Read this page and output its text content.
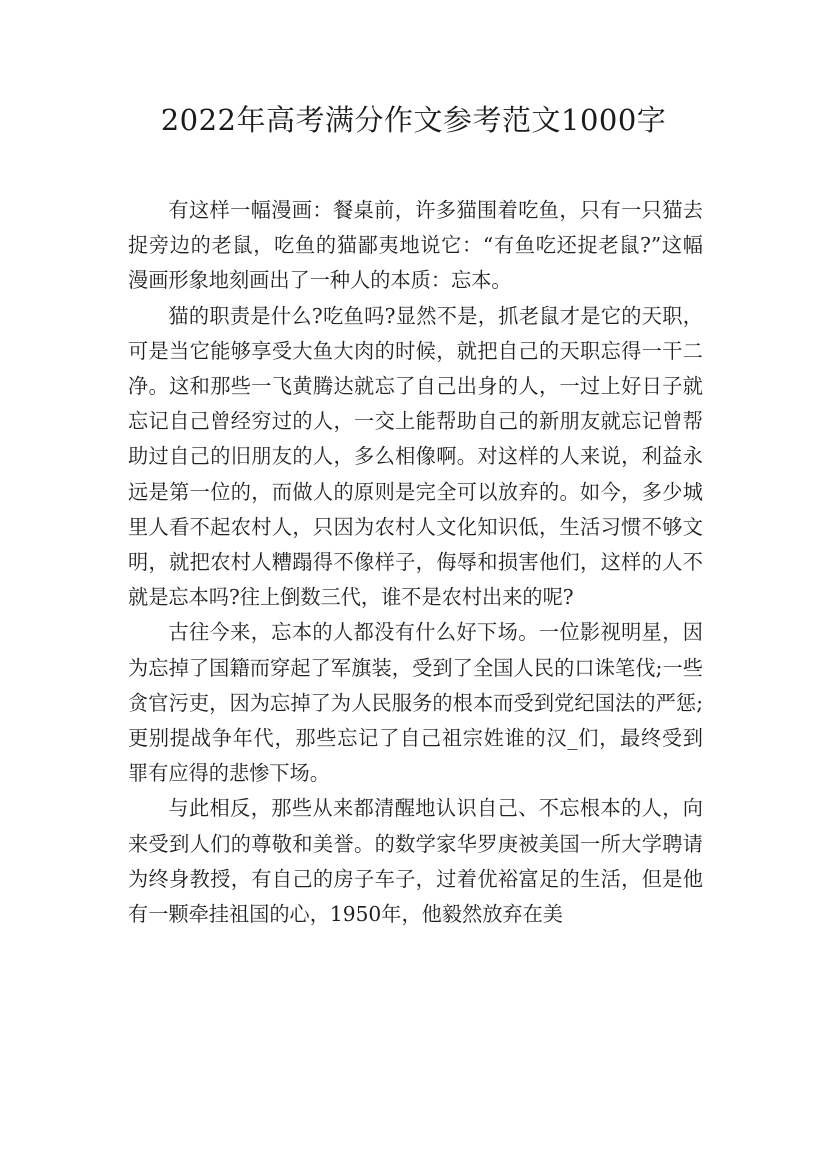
2022年高考满分作文参考范文1000字

有这样一幅漫画：餐桌前，许多猫围着吃鱼，只有一只猫去捉旁边的老鼠，吃鱼的猫鄙夷地说它：“有鱼吃还捉老鼠?”这幅漫画形象地刻画出了一种人的本质：忘本。

猫的职责是什么?吃鱼吗?显然不是，抓老鼠才是它的天职，可是当它能够享受大鱼大肉的时候，就把自己的天职忘得一干二净。这和那些一飞黄腾达就忘了自己出身的人，一过上好日子就忘记自己曾经穷过的人，一交上能帮助自己的新朋友就忘记曾帮助过自己的旧朋友的人，多么相像啊。对这样的人来说，利益永远是第一位的，而做人的原则是完全可以放弃的。如今，多少城里人看不起农村人，只因为农村人文化知识低，生活习惯不够文明，就把农村人糟蹋得不像样子，侮辱和损害他们，这样的人不就是忘本吗?往上倒数三代，谁不是农村出来的呢?

古往今来，忘本的人都没有什么好下场。一位影视明星，因为忘掉了国籍而穿起了军旗装，受到了全国人民的口诛笔伐;一些贪官污吏，因为忘掉了为人民服务的根本而受到党纪国法的严惩;更别提战争年代，那些忘记了自己祖宗姓谁的汉_们，最终受到罪有应得的悲惨下场。

与此相反，那些从来都清醒地认识自己、不忘根本的人，向来受到人们的尊敬和美誉。的数学家华罗庚被美国一所大学聘请为终身教授，有自己的房子车子，过着优裕富足的生活，但是他有一颗牵挂祖国的心，1950年，他毅然放弃在美
